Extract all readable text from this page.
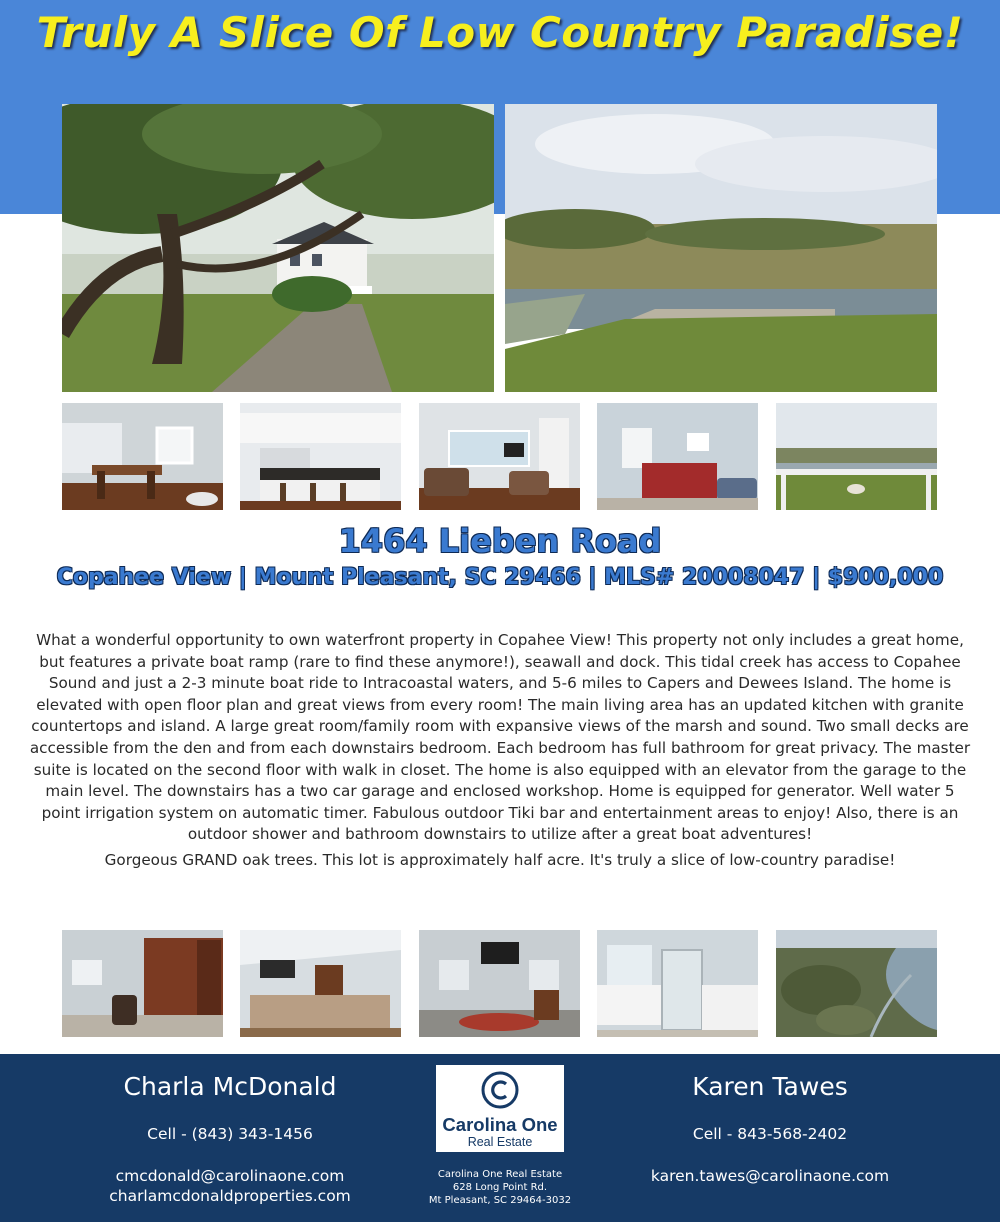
Truly A Slice Of Low Country Paradise!
1464 Lieben Road
Copahee View | Mount Pleasant, SC 29466 | MLS# 20008047 | $900,000

What a wonderful opportunity to own waterfront property in Copahee View! This property not only includes a great home, but features a private boat ramp (rare to find these anymore!), seawall and dock. This tidal creek has access to Copahee Sound and just a 2-3 minute boat ride to Intracoastal waters, and 5-6 miles to Capers and Dewees Island. The home is elevated with open floor plan and great views from every room! The main living area has an updated kitchen with granite countertops and island. A large great room/family room with expansive views of the marsh and sound. Two small decks are accessible from the den and from each downstairs bedroom. Each bedroom has full bathroom for great privacy. The master suite is located on the second floor with walk in closet. The home is also equipped with an elevator from the garage to the main level. The downstairs has a two car garage and enclosed workshop. Home is equipped for generator. Well water 5 point irrigation system on automatic timer. Fabulous outdoor Tiki bar and entertainment areas to enjoy! Also, there is an outdoor shower and bathroom downstairs to utilize after a great boat adventures!

Gorgeous GRAND oak trees. This lot is approximately half acre. It's truly a slice of low-country paradise!

Charla McDonald
Cell - (843) 343-1456
cmcdonald@carolinaone.com
charlamcdonaldproperties.com
Carolina One
Real Estate
Carolina One Real Estate
628 Long Point Rd.
Mt Pleasant, SC 29464-3032
Karen Tawes
Cell - 843-568-2402
karen.tawes@carolinaone.com
